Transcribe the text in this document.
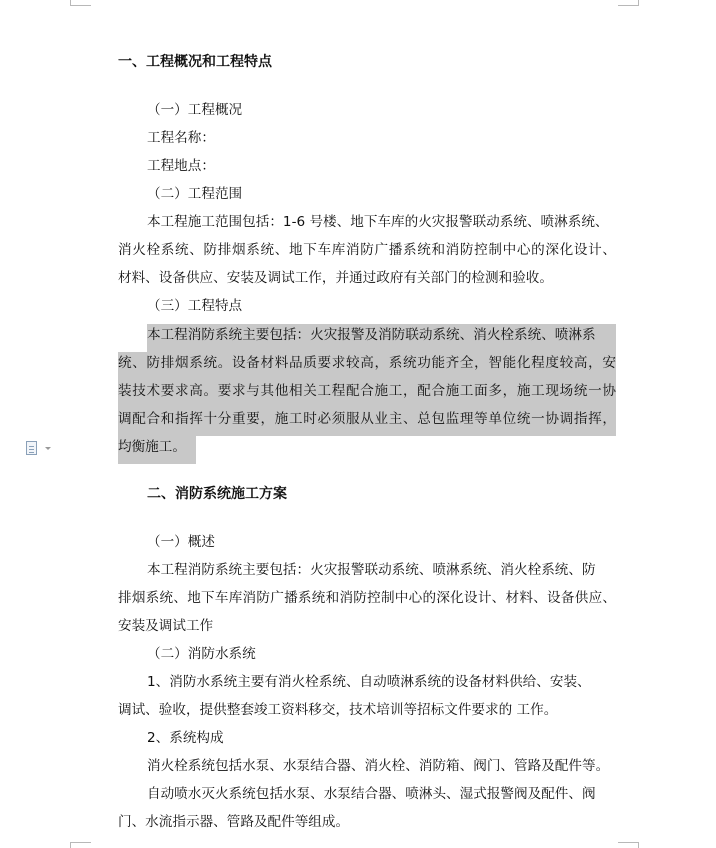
一、工程概况和工程特点
（一）工程概况
工程名称：
工程地点：
（二）工程范围
本工程施工范围包括：1-6 号楼、地下车库的火灾报警联动系统、喷淋系统、
消火栓系统、防排烟系统、地下车库消防广播系统和消防控制中心的深化设计、
材料、设备供应、安装及调试工作，并通过政府有关部门的检测和验收。
（三）工程特点
本工程消防系统主要包括：火灾报警及消防联动系统、消火栓系统、喷淋系
统、防排烟系统。设备材料品质要求较高，系统功能齐全，智能化程度较高，安
装技术要求高。要求与其他相关工程配合施工，配合施工面多，施工现场统一协
调配合和指挥十分重要，施工时必须服从业主、总包监理等单位统一协调指挥，
均衡施工。
二、消防系统施工方案
（一）概述
本工程消防系统主要包括：火灾报警联动系统、喷淋系统、消火栓系统、防
排烟系统、地下车库消防广播系统和消防控制中心的深化设计、材料、设备供应、
安装及调试工作
（二）消防水系统
1、消防水系统主要有消火栓系统、自动喷淋系统的设备材料供给、安装、
调试、验收，提供整套竣工资料移交，技术培训等招标文件要求的 工作。
2、系统构成
消火栓系统包括水泵、水泵结合器、消火栓、消防箱、阀门、管路及配件等。
自动喷水灭火系统包括水泵、水泵结合器、喷淋头、湿式报警阀及配件、阀
门、水流指示器、管路及配件等组成。
